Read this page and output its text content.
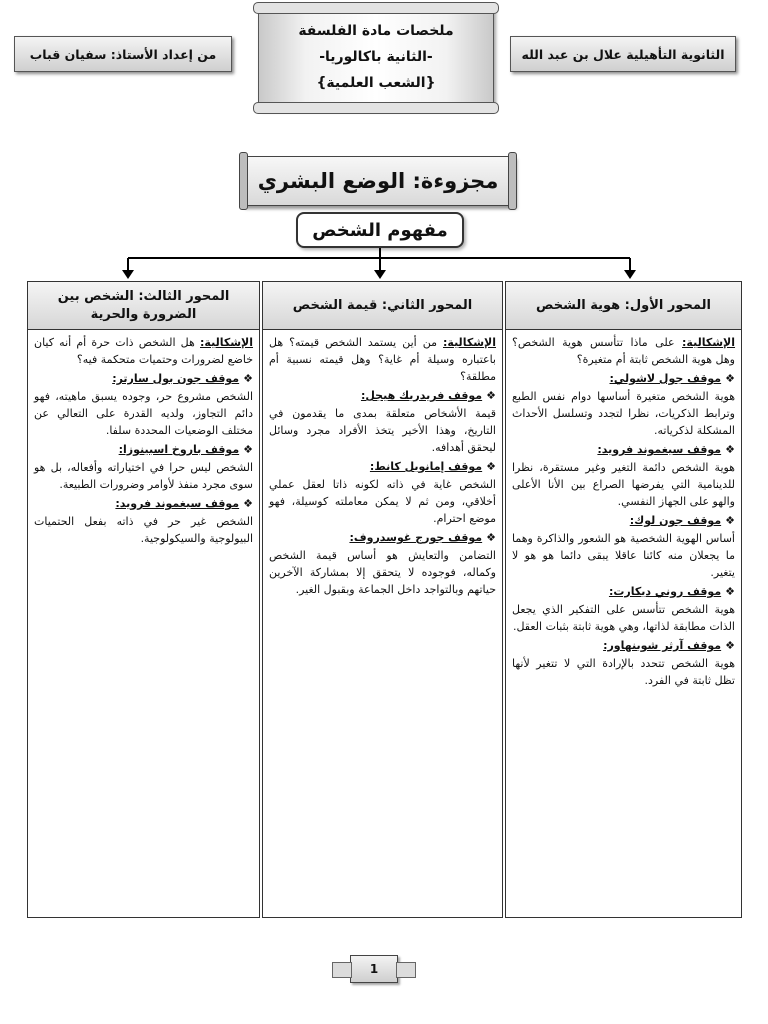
الثانوية التأهيلية علال بن عبد الله
ملخصات مادة الفلسفة
-الثانية باكالوريا-
{الشعب العلمية}
من إعداد الأستاذ: سفيان قباب
مجزوءة: الوضع البشري
مفهوم الشخص
المحور الأول: هوية الشخص

الإشكالية: على ماذا تتأسس هوية الشخص؟ وهل هوية الشخص ثابتة أم متغيرة؟

❖موقف جول لاشولي:

هوية الشخص متغيرة أساسها دوام نفس الطبع وترابط الذكريات، نظرا لتجدد وتسلسل الأحداث المشكلة لذكرياته.

❖موقف سيغموند فرويد:

هوية الشخص دائمة التغير وغير مستقرة، نظرا للدينامية التي يفرضها الصراع بين الأنا الأعلى والهو على الجهاز النفسي.

❖موقف جون لوك:

أساس الهوية الشخصية هو الشعور والذاكرة وهما ما يجعلان منه كائنا عاقلا يبقى دائما هو هو لا يتغير.

❖موقف روني ديكارت:

هوية الشخص تتأسس على التفكير الذي يجعل الذات مطابقة لذاتها، وهي هوية ثابتة بثبات العقل.

❖موقف آرثر شوبنهاور:

هوية الشخص تتحدد بالإرادة التي لا تتغير لأنها تظل ثابتة في الفرد.

المحور الثاني: قيمة الشخص

الإشكالية: من أين يستمد الشخص قيمته؟ هل باعتباره وسيلة أم غاية؟ وهل قيمته نسبية أم مطلقة؟

❖موقف فريدريك هيجل:

قيمة الأشخاص متعلقة بمدى ما يقدمون في التاريخ، وهذا الأخير يتخذ الأفراد مجرد وسائل ليحقق أهدافه.

❖موقف إمانويل كانط:

الشخص غاية في ذاته لكونه ذاتا لعقل عملي أخلاقي، ومن ثم لا يمكن معاملته كوسيلة، فهو موضع احترام.

❖موقف جورج غوسدروف:

التضامن والتعايش هو أساس قيمة الشخص وكماله، فوجوده لا يتحقق إلا بمشاركة الآخرين حياتهم وبالتواجد داخل الجماعة وبقبول الغير.

المحور الثالث: الشخص بين الضرورة والحرية

الإشكالية: هل الشخص ذات حرة أم أنه كيان خاضع لضرورات وحتميات متحكمة فيه؟

❖موقف جون بول سارتر:

الشخص مشروع حر، وجوده يسبق ماهيته، فهو دائم التجاوز، ولديه القدرة على التعالي عن مختلف الوضعيات المحددة سلفا.

❖موقف باروخ اسبينوزا:

الشخص ليس حرا في اختياراته وأفعاله، بل هو سوى مجرد منفذ لأوامر وضرورات الطبيعة.

❖موقف سيغموند فرويد:

الشخص غير حر في ذاته بفعل الحتميات البيولوجية والسيكولوجية.

1
